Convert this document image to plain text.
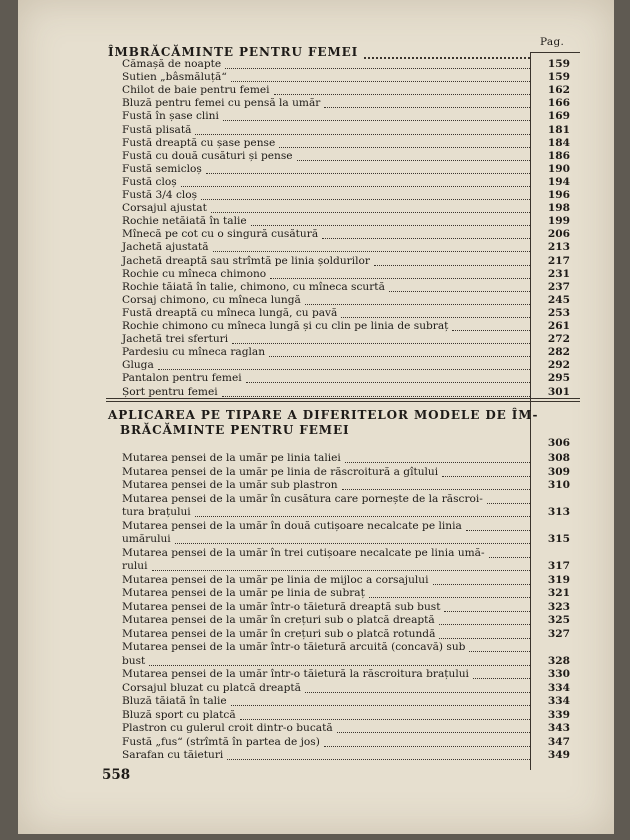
Pag.
ÎMBRĂCĂMINTE PENTRU FEMEI
Cămașă de noapte	159
Sutien „bâsmăluță“	159
Chilot de baie pentru femei	162
Bluză pentru femei cu pensă la umăr	166
Fustă în șase clini	169
Fustă plisată	181
Fustă dreaptă cu șase pense	184
Fustă cu două cusături și pense	186
Fustă semicloș	190
Fustă cloș	194
Fustă 3/4 cloș	196
Corsajul ajustat	198
Rochie netăiată în talie	199
Mînecă pe cot cu o singură cusătură	206
Jachetă ajustată	213
Jachetă dreaptă sau strîmtă pe linia șoldurilor	217
Rochie cu mîneca chimono	231
Rochie tăiată în talie, chimono, cu mîneca scurtă	237
Corsaj chimono, cu mîneca lungă	245
Fustă dreaptă cu mîneca lungă, cu pavă	253
Rochie chimono cu mîneca lungă și cu clin pe linia de subraț	261
Jachetă trei sferturi	272
Pardesiu cu mîneca raglan	282
Gluga	292
Pantalon pentru femei	295
Șort pentru femei	301
APLICAREA PE TIPARE A DIFERITELOR MODELE DE ÎM-
BRĂCĂMINTE PENTRU FEMEI
306
Mutarea pensei de la umăr pe linia taliei	308
Mutarea pensei de la umăr pe linia de răscroitură a gîtului	309
Mutarea pensei de la umăr sub plastron	310
Mutarea pensei de la umăr în cusătura care pornește de la răscroi-
tura brațului	313
Mutarea pensei de la umăr în două cutișoare necalcate pe linia
umărului	315
Mutarea pensei de la umăr în trei cutișoare necalcate pe linia umă-
rului	317
Mutarea pensei de la umăr pe linia de mijloc a corsajului	319
Mutarea pensei de la umăr pe linia de subraț	321
Mutarea pensei de la umăr într-o tăietură dreaptă sub bust	323
Mutarea pensei de la umăr în crețuri sub o platcă dreaptă	325
Mutarea pensei de la umăr în crețuri sub o platcă rotundă	327
Mutarea pensei de la umăr într-o tăietură arcuită (concavă) sub
bust	328
Mutarea pensei de la umăr într-o tăietură la răscroitura brațului	330
Corsajul bluzat cu platcă dreaptă	334
Bluză tăiată în talie	334
Bluză sport cu platcă	339
Plastron cu gulerul croit dintr-o bucată	343
Fustă „fus“ (strîmtă în partea de jos)	347
Sarafan cu tăieturi	349
558
